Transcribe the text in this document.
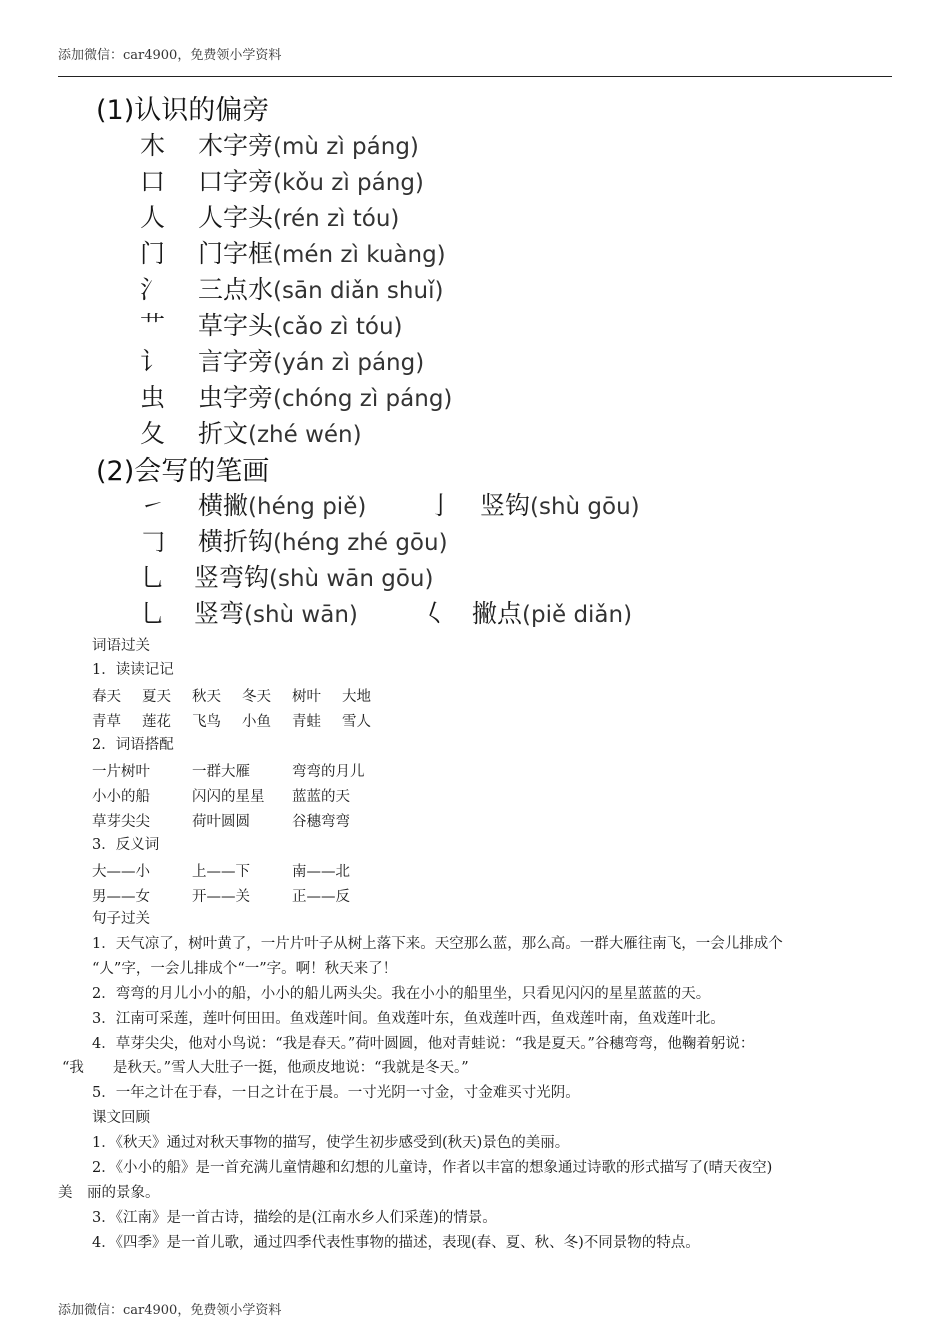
添加微信：car4900，免费领小学资料
(1)认识的偏旁
木	木字旁(mù zì páng)
口	口字旁(kǒu zì páng)
人	人字头(rén zì tóu)
门	门字框(mén zì kuàng)
氵	三点水(sān diǎn shuǐ)
艹	草字头(cǎo zì tóu)
讠	言字旁(yán zì páng)
虫	虫字旁(chóng zì páng)
夂	折文(zhé wén)
(2)会写的笔画
㇀	横撇(héng piě) 亅 竖钩(shù gōu)
𠃌	横折钩(héng zhé gōu)
乚	竖弯钩(shù wān gōu)
乚	竖弯(shù wān)	𡿨 撇点(piě diǎn)
词语过关
1．读读记记
春天 夏天 秋天 冬天 树叶 大地
青草 莲花 飞鸟 小鱼 青蛙 雪人
2．词语搭配
一片树叶	一群大雁	弯弯的月儿
小小的船	闪闪的星星 蓝蓝的天
草芽尖尖	荷叶圆圆	谷穗弯弯
3．反义词
大——小	上——下	南——北
男——女	开——关	正——反
句子过关
1．天气凉了，树叶黄了，一片片叶子从树上落下来。天空那么蓝，那么高。一群大雁往南飞，一会儿排成个
“人”字，一会儿排成个“一”字。啊！秋天来了！
2．弯弯的月儿小小的船，小小的船儿两头尖。我在小小的船里坐，只看见闪闪的星星蓝蓝的天。
3．江南可采莲，莲叶何田田。鱼戏莲叶间。鱼戏莲叶东，鱼戏莲叶西，鱼戏莲叶南，鱼戏莲叶北。
4．草芽尖尖，他对小鸟说：“我是春天。”荷叶圆圆，他对青蛙说：“我是夏天。”谷穗弯弯，他鞠着躬说：
“我　　是秋天。”雪人大肚子一挺，他顽皮地说：“我就是冬天。”
5．一年之计在于春，一日之计在于晨。一寸光阴一寸金，寸金难买寸光阴。
课文回顾
1．《秋天》通过对秋天事物的描写，使学生初步感受到(秋天)景色的美丽。
2．《小小的船》是一首充满儿童情趣和幻想的儿童诗，作者以丰富的想象通过诗歌的形式描写了(晴天夜空)
美　丽的景象。
3．《江南》是一首古诗，描绘的是(江南水乡人们采莲)的情景。
4．《四季》是一首儿歌，通过四季代表性事物的描述，表现(春、夏、秋、冬)不同景物的特点。
添加微信：car4900，免费领小学资料
